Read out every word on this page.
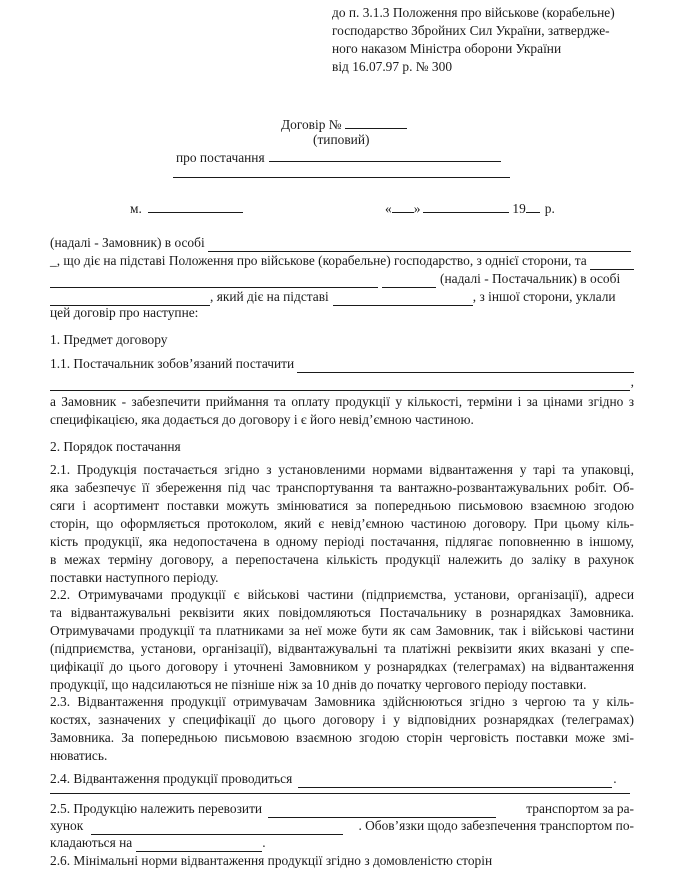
до п. 3.1.3 Положення про військове (корабельне)
господарство Збройних Сил України, затвердже-
ного наказом Міністра оборони України
від 16.07.97 р. № 300
Договір №
(типовий)
про постачання
м.	« »	19 р.
(надалі - Замовник) в особі
_ , що діє на підставі Положення про військове (корабельне) господарство, з однієї сторони, та
(надалі - Постачальник) в особі
, який діє на підставі	, з іншої сторони, уклали
цей договір про наступне:
1. Предмет договору
1.1. Постачальник зобов’язаний постачити
,
а Замовник - забезпечити приймання та оплату продукції у кількості, терміни і за цінами згідно з
специфікацією, яка додається до договору і є його невід’ємною частиною.
2. Порядок постачання
2.1. Продукція постачається згідно з установленими нормами відвантаження у тарі та упаковці,
яка забезпечує її збереження під час транспортування та вантажно-розвантажувальних робіт. Об-
сяги і асортимент поставки можуть змінюватися за попередньою письмовою взаємною згодою
сторін, що оформляється протоколом, який є невід’ємною частиною договору. При цьому кіль-
кість продукції, яка недопостачена в одному періоді постачання, підлягає поповненню в іншому,
в межах терміну договору, а перепостачена кількість продукції належить до заліку в рахунок
поставки наступного періоду.
2.2. Отримувачами продукції є військові частини (підприємства, установи, організації), адреси
та відвантажувальні реквізити яких повідомляються Постачальнику в рознарядках Замовника.
Отримувачами продукції та платниками за неї може бути як сам Замовник, так і військові частини
(підприємства, установи, організації), відвантажувальні та платіжні реквізити яких вказані у спе-
цифікації до цього договору і уточнені Замовником у рознарядках (телеграмах) на відвантаження
продукції, що надсилаються не пізніше ніж за 10 днів до початку чергового періоду поставки.
2.3. Відвантаження продукції отримувачам Замовника здійснюються згідно з чергою та у кіль-
костях, зазначених у специфікації до цього договору і у відповідних рознарядках (телеграмах)
Замовника. За попередньою письмовою взаємною згодою сторін черговість поставки може змі-
нюватись.
2.4. Відвантаження продукції проводиться	.
2.5. Продукцію належить перевозити	транспортом за ра-
хунок	. Обов’язки щодо забезпечення транспортом по-
кладаються на	.
2.6. Мінімальні норми відвантаження продукції згідно з домовленістю сторін
